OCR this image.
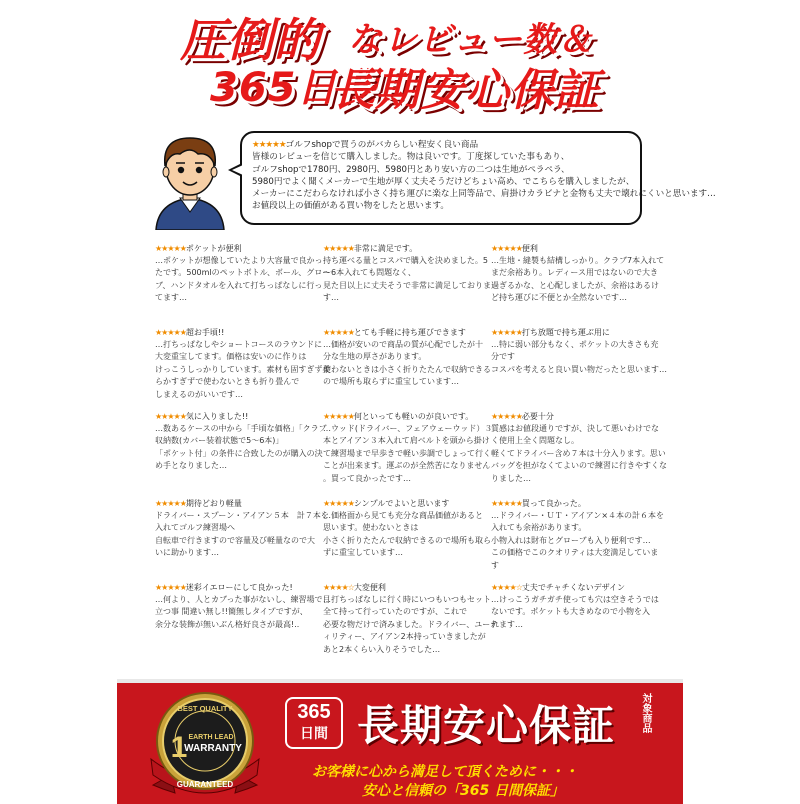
圧倒的 なレビュー数＆
365日間
長期安心保証
★★★★★ゴルフshopで買うのがバカらしい程安く良い商品
皆様のレビューを信じて購入しました。物は良いです。丁度探していた事もあり、
ゴルフshopで1780円、2980円、5980円とあり安い方の二つは生地がペラペラ、
5980円でよく聞くメーカーで生地が厚く丈夫そうだけどちょい高め、でこちらを購入しましたが、
メーカーにこだわらなければ小さく持ち運びに楽な上同等品で、肩掛けカラビナと金物も丈夫で壊れにくいと思います…
お値段以上の価値がある買い物をしたと思います。
★★★★★ポケットが便利
…ポケットが想像していたより大容量で良かっ
たです。500mlのペットボトル、ボール、グロー
ブ、ハンドタオルを入れて打ちっぱなしに行っ
てます…
★★★★★非常に満足です。
持ち運べる量とコスパで購入を決めました。5
〜6本入れても問題なく、
見た目以上に丈夫そうで非常に満足しておりま
す…
★★★★★便利
…生地・縫製も結構しっかり。クラブ7本入れて
まだ余裕あり。レディース用ではないので大き
過ぎるかな、と心配しましたが、余裕はあるけ
ど持ち運びに不便とか全然ないです…
★★★★★超お手頃!!
…打ちっぱなしやショートコースのラウンドに
大変重宝してます。価格は安いのに作りは
けっこうしっかりしています。素材も固すぎず柔
らかすぎずで使わないときも折り畳んで
しまえるのがいいです…
★★★★★とても手軽に持ち運びできます
…価格が安いので商品の質が心配でしたが十
分な生地の厚さがあります。
使わないときは小さく折りたたんで収納できる
ので場所も取らずに重宝しています…
★★★★★打ち放題で持ち運ぶ用に
…特に弱い部分もなく、ポケットの大きさも充
分です
コスパを考えると良い買い物だったと思います…
★★★★★気に入りました!!
…数あるケースの中から「手頃な価格」「クラブ
収納数(カバー装着状態で5〜6本)」
「ポケット付」の条件に合致したのが購入の決
め手となりました…
★★★★★何といっても軽いのが良いです。
…ウッド(ドライバー、フェアウェーウッド）３
本とアイアン３本入れて肩ベルトを頭から掛け
て練習場まで早歩きで軽い歩調でしょって行く
ことが出来ます。運ぶのが全然苦になりません
。買って良かったです…
★★★★★必要十分
質感はお値段通りですが、決して悪いわけでな
く使用上全く問題なし。
軽くてドライバー含め７本は十分入ります。思い
バッグを担がなくてよいので練習に行きやすくな
りました…
★★★★★期待どおり軽量
ドライバー・スプーン・アイアン５本　計７本を
入れてゴルフ練習場へ
自転車で行きますので容量及び軽量なので大
いに助かります…
★★★★★シンプルでよいと思います
…価格面から見ても充分な商品価値があると
思います。使わないときは
小さく折りたたんで収納できるので場所も取ら
ずに重宝しています…
★★★★★買って良かった。
…ドライバー・ＵＴ・アイアン×４本の計６本を
入れても余裕があります。
小物入れは財布とグローブも入り便利です…
この価格でこのクオリティは大変満足していま
す
★★★★★迷彩イエローにして良かった!
…何より、人とカブった事がないし、練習場で目
立つ事 間違い無し!!簡無しタイプですが、
余分な装飾が無いぶん格好良さが最高!..
★★★★☆大変便利
…打ちっぱなしに行く時にいつもいつもセット
全て持って行っていたのですが、これで
必要な物だけで済みました。ドライバー、ユーテ
ィリティー、アイアン2本持っていきましたが
あと2本くらい入りそうでした…
★★★★☆丈夫でチャチくないデザイン
…けっこうガチガチ使っても穴は空きそうでは
ないです。ポケットも大きめなので小物を入
れます…
BEST QUALITY
1 EARTH LEAD
WARRANTY
GUARANTEED
365
日間 長期安心保証	対象商品
お客様に心から満足して頂くために・・・
安心と信頼の「365 日間保証」
